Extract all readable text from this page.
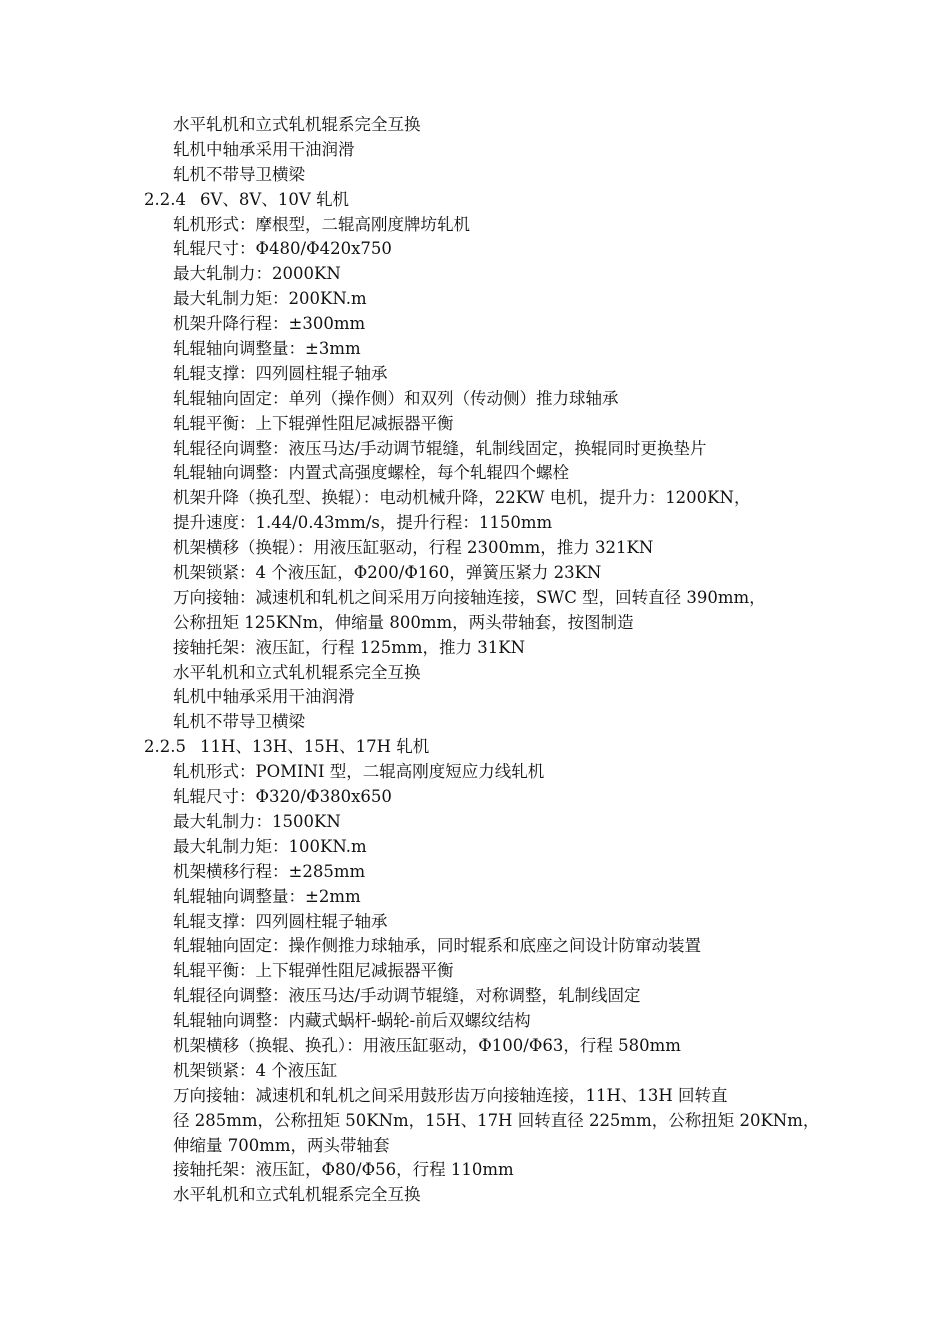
水平轧机和立式轧机辊系完全互换
轧机中轴承采用干油润滑
轧机不带导卫横梁
2.2.4 6V、8V、10V 轧机
轧机形式：摩根型，二辊高刚度牌坊轧机
轧辊尺寸：Φ480/Φ420x750
最大轧制力：2000KN
最大轧制力矩：200KN.m
机架升降行程：±300mm
轧辊轴向调整量：±3mm
轧辊支撑：四列圆柱辊子轴承
轧辊轴向固定：单列（操作侧）和双列（传动侧）推力球轴承
轧辊平衡：上下辊弹性阻尼减振器平衡
轧辊径向调整：液压马达/手动调节辊缝，轧制线固定，换辊同时更换垫片
轧辊轴向调整：内置式高强度螺栓，每个轧辊四个螺栓
机架升降（换孔型、换辊）：电动机械升降，22KW 电机，提升力：1200KN，
提升速度：1.44/0.43mm/s，提升行程：1150mm
机架横移（换辊）：用液压缸驱动，行程 2300mm，推力 321KN
机架锁紧：4 个液压缸，Φ200/Φ160，弹簧压紧力 23KN
万向接轴：减速机和轧机之间采用万向接轴连接，SWC 型，回转直径 390mm，
公称扭矩 125KNm，伸缩量 800mm，两头带轴套，按图制造
接轴托架：液压缸，行程 125mm，推力 31KN
水平轧机和立式轧机辊系完全互换
轧机中轴承采用干油润滑
轧机不带导卫横梁
2.2.5 11H、13H、15H、17H 轧机
轧机形式：POMINI 型，二辊高刚度短应力线轧机
轧辊尺寸：Φ320/Φ380x650
最大轧制力：1500KN
最大轧制力矩：100KN.m
机架横移行程：±285mm
轧辊轴向调整量：±2mm
轧辊支撑：四列圆柱辊子轴承
轧辊轴向固定：操作侧推力球轴承，同时辊系和底座之间设计防窜动装置
轧辊平衡：上下辊弹性阻尼减振器平衡
轧辊径向调整：液压马达/手动调节辊缝，对称调整，轧制线固定
轧辊轴向调整：内藏式蜗杆-蜗轮-前后双螺纹结构
机架横移（换辊、换孔）：用液压缸驱动，Φ100/Φ63，行程 580mm
机架锁紧：4 个液压缸
万向接轴：减速机和轧机之间采用鼓形齿万向接轴连接，11H、13H 回转直
径 285mm，公称扭矩 50KNm，15H、17H 回转直径 225mm，公称扭矩 20KNm，
伸缩量 700mm，两头带轴套
接轴托架：液压缸，Φ80/Φ56，行程 110mm
水平轧机和立式轧机辊系完全互换
